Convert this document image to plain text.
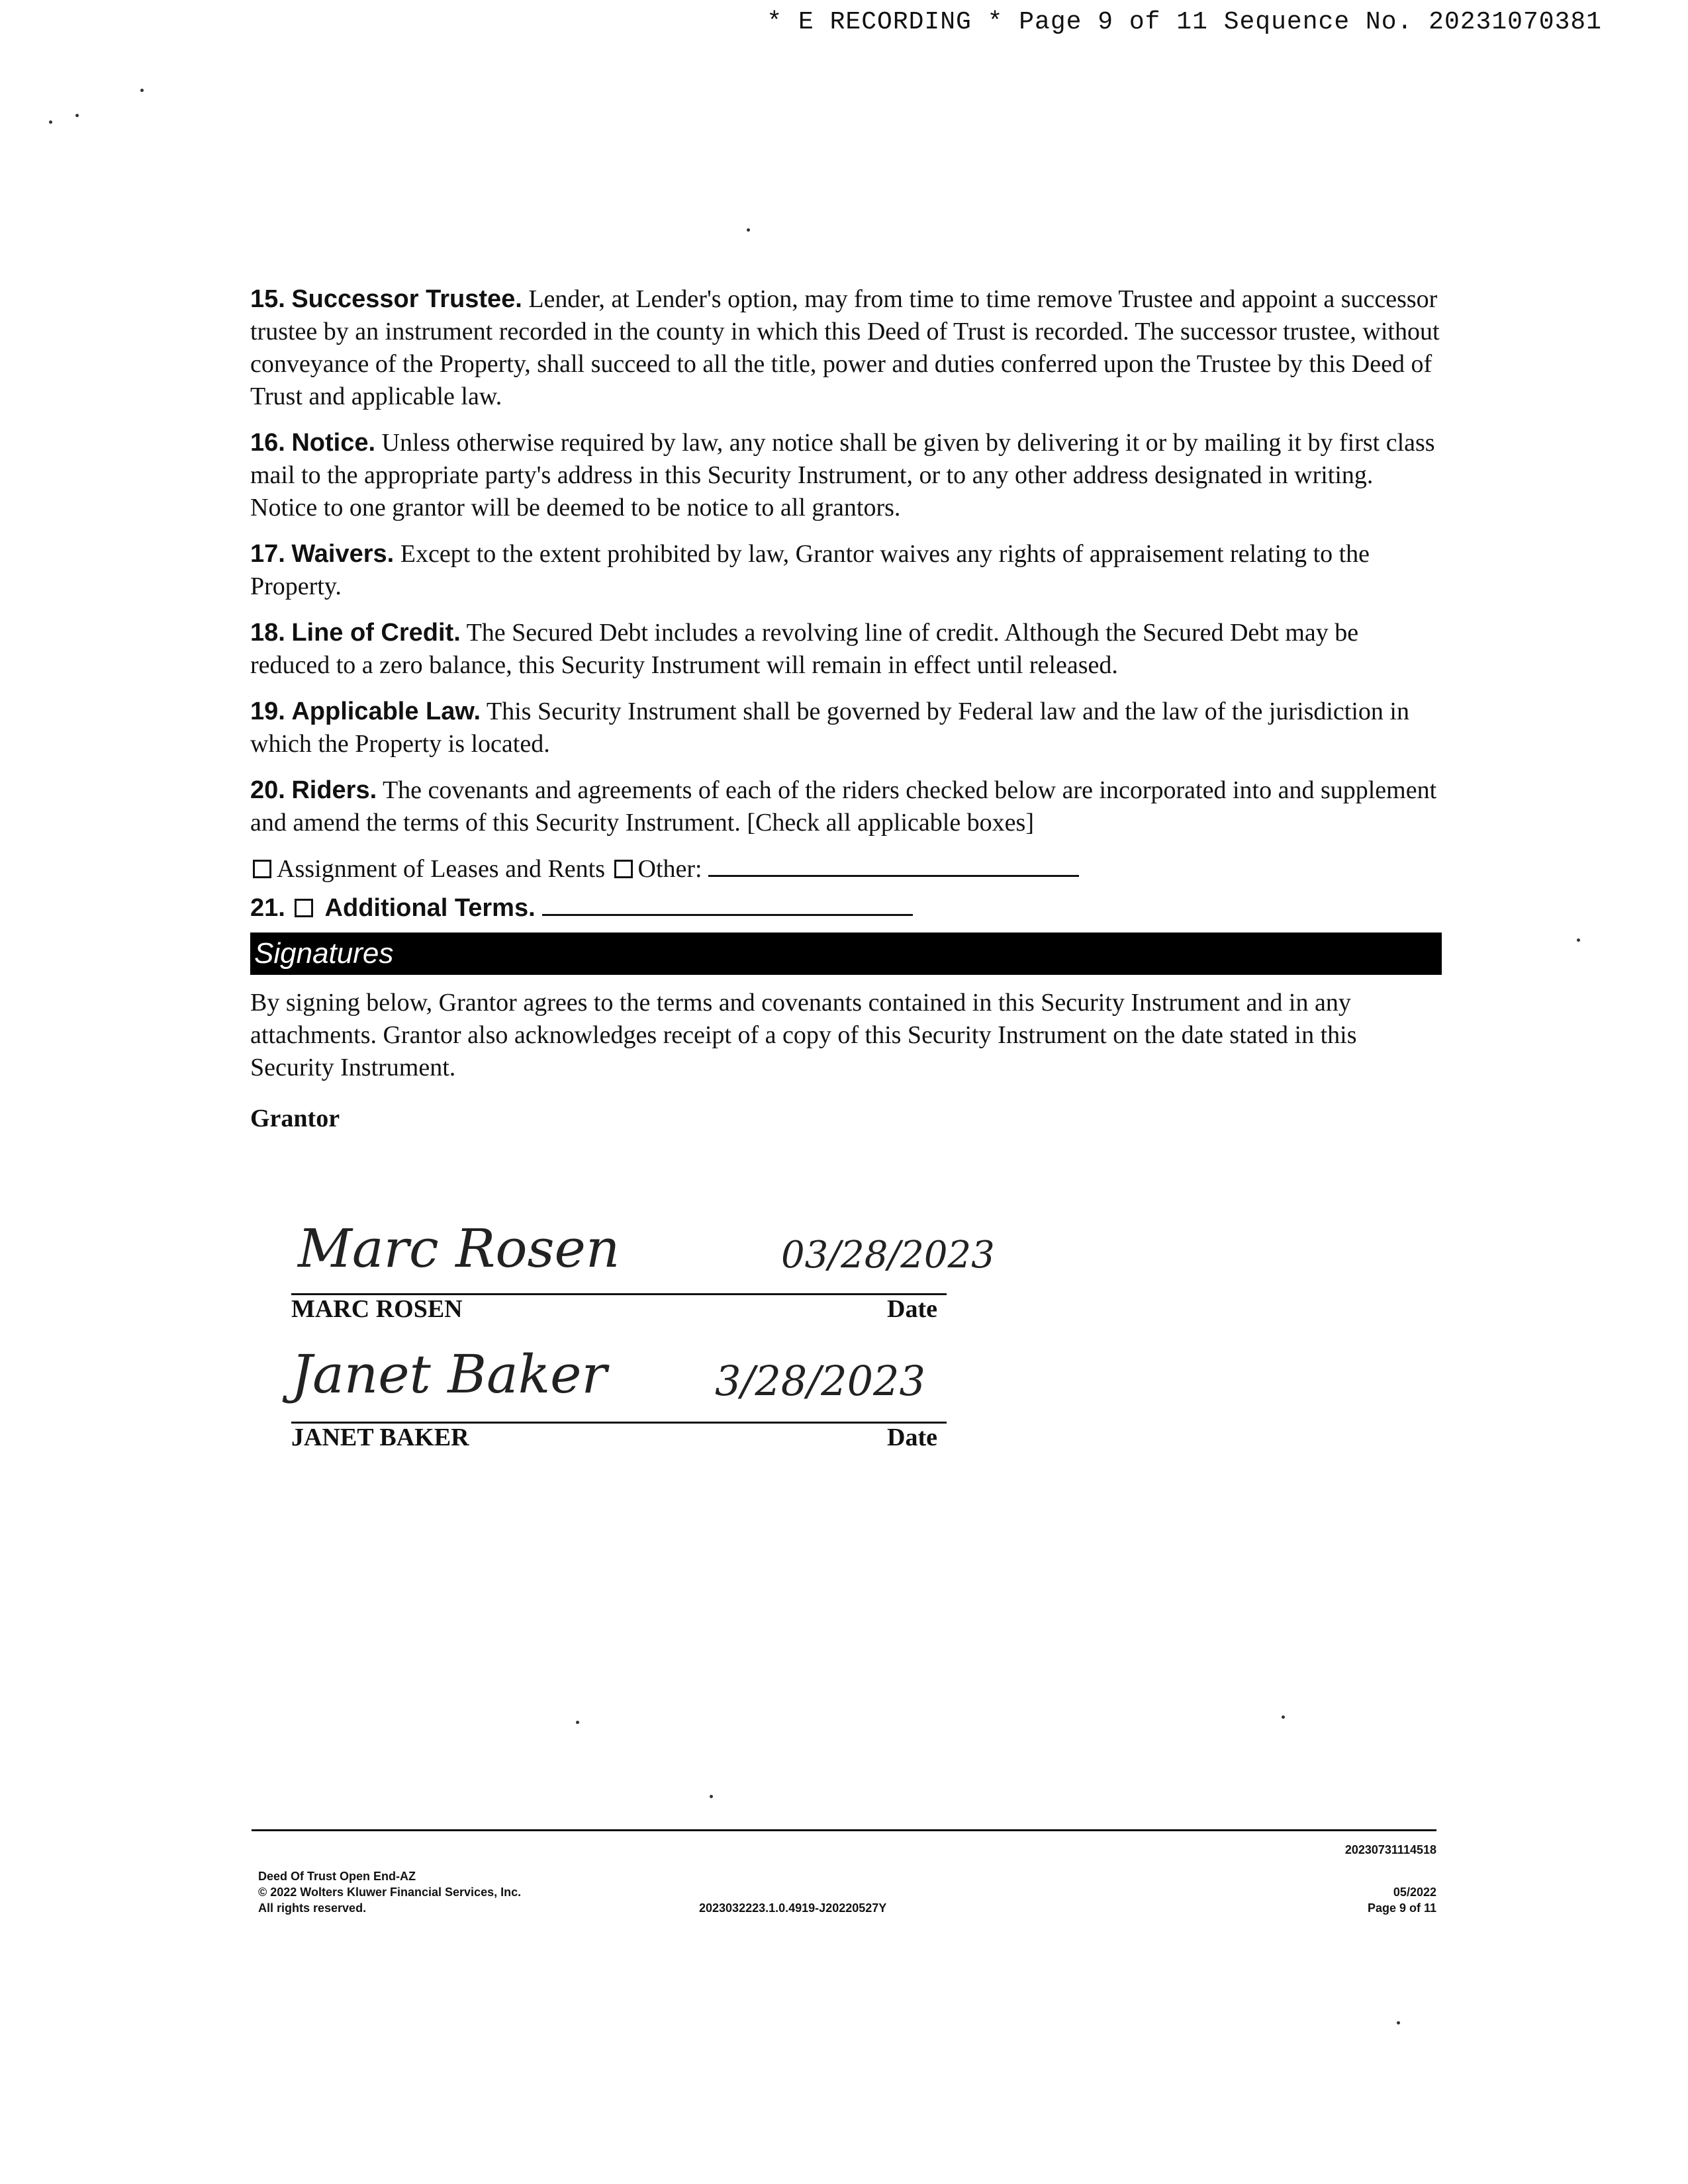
* E RECORDING * Page 9 of 11 Sequence No. 20231070381

15. Successor Trustee. Lender, at Lender's option, may from time to time remove Trustee and appoint a successor trustee by an instrument recorded in the county in which this Deed of Trust is recorded. The successor trustee, without conveyance of the Property, shall succeed to all the title, power and duties conferred upon the Trustee by this Deed of Trust and applicable law.

16. Notice. Unless otherwise required by law, any notice shall be given by delivering it or by mailing it by first class mail to the appropriate party's address in this Security Instrument, or to any other address designated in writing. Notice to one grantor will be deemed to be notice to all grantors.

17. Waivers. Except to the extent prohibited by law, Grantor waives any rights of appraisement relating to the Property.

18. Line of Credit. The Secured Debt includes a revolving line of credit. Although the Secured Debt may be reduced to a zero balance, this Security Instrument will remain in effect until released.

19. Applicable Law. This Security Instrument shall be governed by Federal law and the law of the jurisdiction in which the Property is located.

20. Riders. The covenants and agreements of each of the riders checked below are incorporated into and supplement and amend the terms of this Security Instrument. [Check all applicable boxes]

Assignment of Leases and Rents Other:
21. Additional Terms.
Signatures

By signing below, Grantor agrees to the terms and covenants contained in this Security Instrument and in any attachments. Grantor also acknowledges receipt of a copy of this Security Instrument on the date stated in this Security Instrument.

Grantor
Marc Rosen	03/28/2023
MARC ROSEN	Date
Janet Baker	3/28/2023
JANET BAKER	Date
20230731114518
Deed Of Trust Open End-AZ
© 2022 Wolters Kluwer Financial Services, Inc.
All rights reserved.	2023032223.1.0.4919-J20220527Y
05/2022
Page 9 of 11
